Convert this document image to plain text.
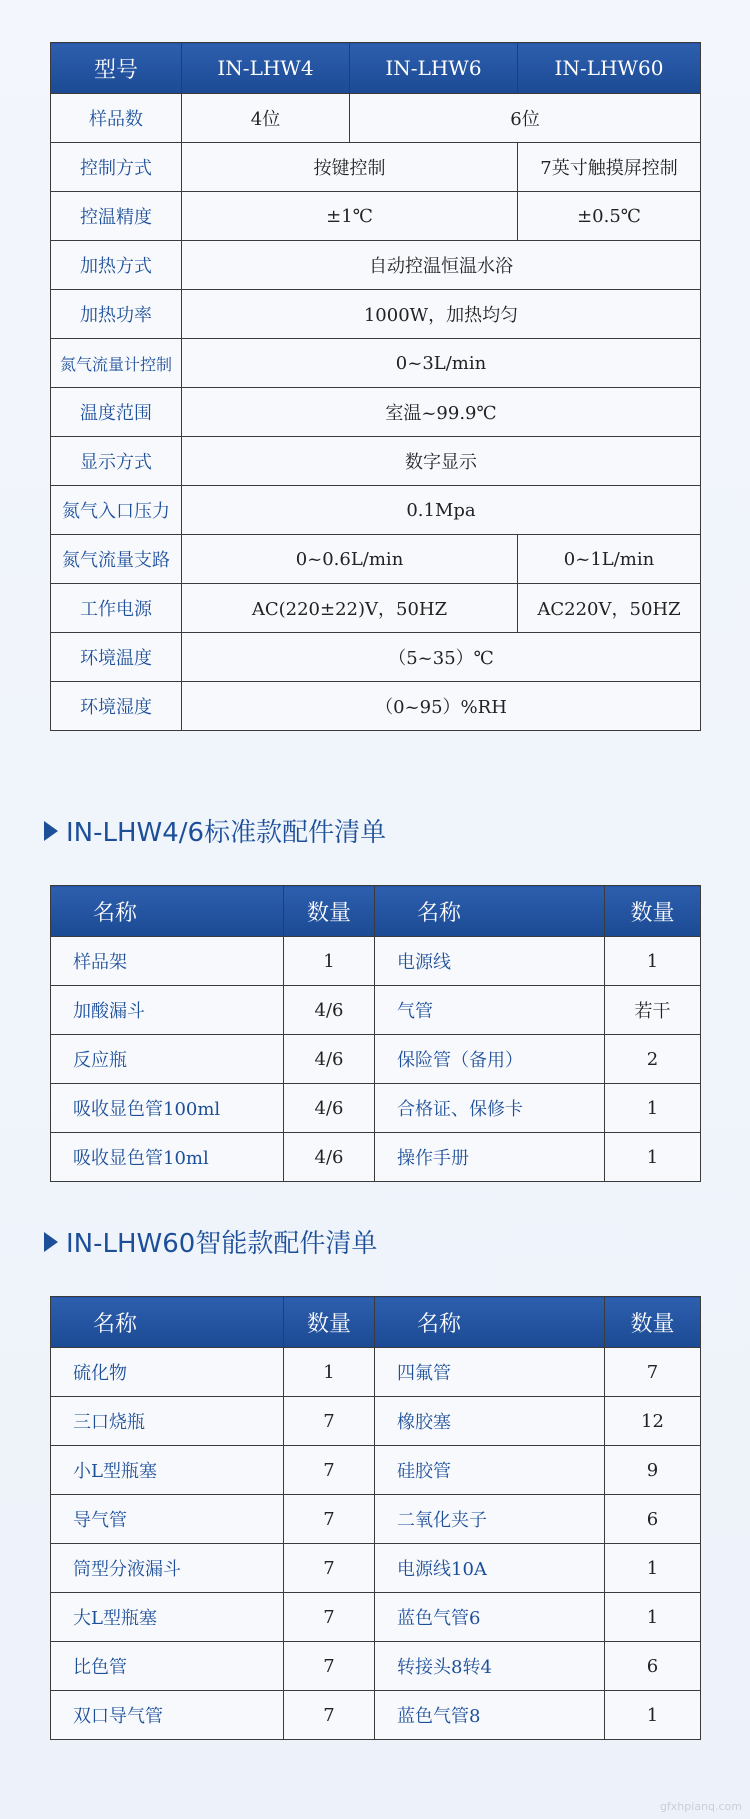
型号	IN-LHW4	IN-LHW6	IN-LHW60
样品数	4位	6位	
控制方式	按键控制		7英寸触摸屏控制
控温精度	±1℃		±0.5℃
加热方式	自动控温恒温水浴		
加热功率	1000W，加热均匀		
氮气流量计控制	0~3L/min		
温度范围	室温~99.9℃		
显示方式	数字显示		
氮气入口压力	0.1Mpa		
氮气流量支路	0~0.6L/min		0~1L/min
工作电源	AC(220±22)V，50HZ		AC220V，50HZ
环境温度	（5~35）℃		
环境湿度	（0~95）%RH		
IN-LHW4/6标准款配件清单
名称	数量	名称	数量
样品架	1	电源线	1
加酸漏斗	4/6	气管	若干
反应瓶	4/6	保险管（备用）	2
吸收显色管100ml	4/6	合格证、保修卡	1
吸收显色管10ml	4/6	操作手册	1
IN-LHW60智能款配件清单
名称	数量	名称	数量
硫化物	1	四氟管	7
三口烧瓶	7	橡胶塞	12
小L型瓶塞	7	硅胶管	9
导气管	7	二氧化夹子	6
筒型分液漏斗	7	电源线10A	1
大L型瓶塞	7	蓝色气管6	1
比色管	7	转接头8转4	6
双口导气管	7	蓝色气管8	1
gfxhpianq.com
